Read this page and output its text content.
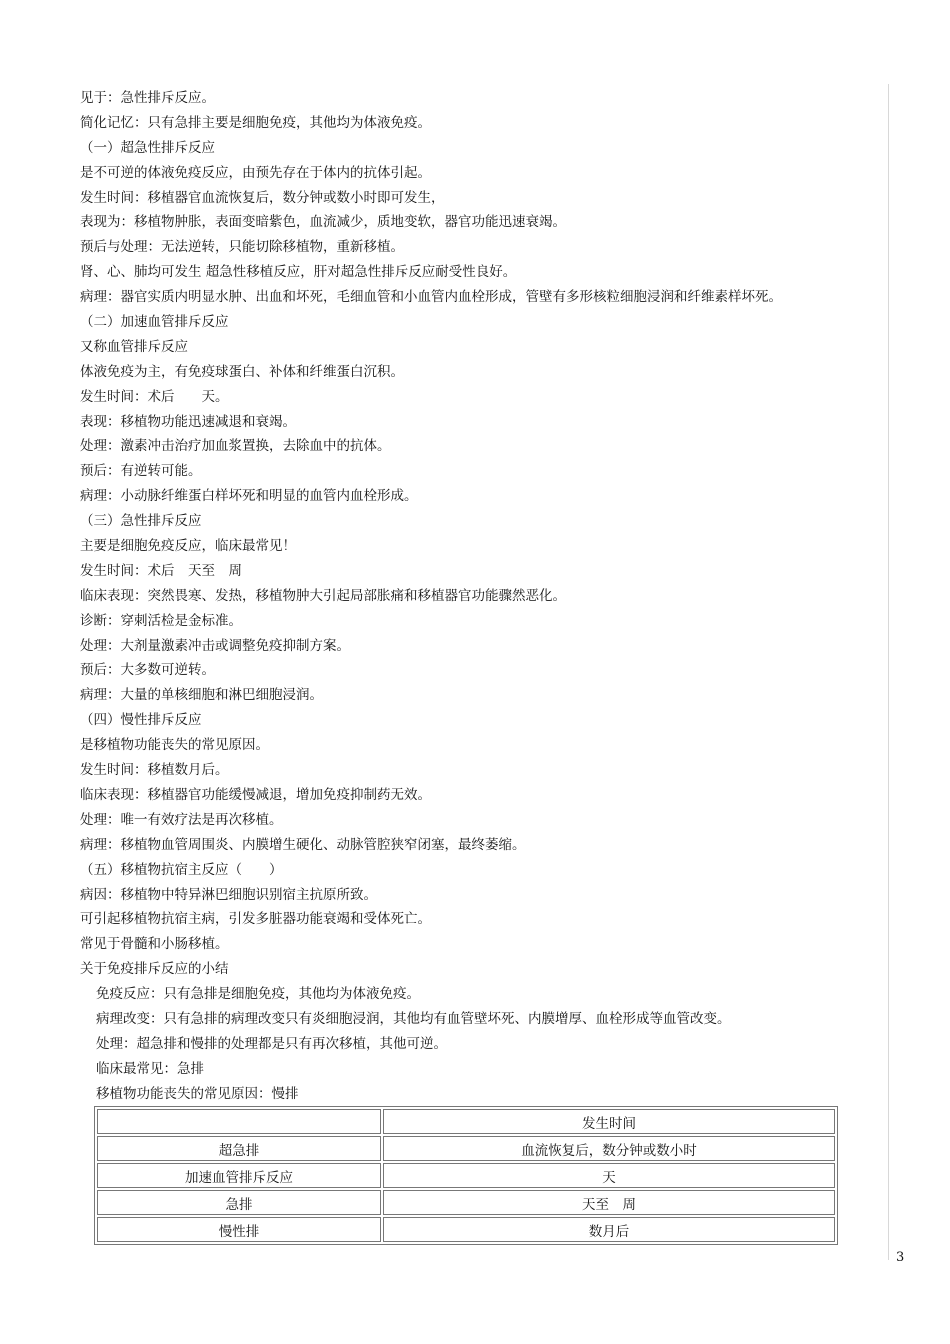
见于：急性排斥反应。
简化记忆：只有急排主要是细胞免疫，其他均为体液免疫。
（一）超急性排斥反应
是不可逆的体液免疫反应，由预先存在于体内的抗体引起。
发生时间：移植器官血流恢复后，数分钟或数小时即可发生，
表现为：移植物肿胀，表面变暗紫色，血流减少，质地变软，器官功能迅速衰竭。
预后与处理：无法逆转，只能切除移植物，重新移植。
肾、心、肺均可发生 超急性移植反应，肝对超急性排斥反应耐受性良好。
病理：器官实质内明显水肿、出血和坏死，毛细血管和小血管内血栓形成，管壁有多形核粒细胞浸润和纤维素样坏死。
（二）加速血管排斥反应
又称血管排斥反应
体液免疫为主，有免疫球蛋白、补体和纤维蛋白沉积。
发生时间：术后　　天。
表现：移植物功能迅速减退和衰竭。
处理：激素冲击治疗加血浆置换，去除血中的抗体。
预后：有逆转可能。
病理：小动脉纤维蛋白样坏死和明显的血管内血栓形成。
（三）急性排斥反应
主要是细胞免疫反应，临床最常见！
发生时间：术后　天至　周
临床表现：突然畏寒、发热，移植物肿大引起局部胀痛和移植器官功能骤然恶化。
诊断：穿刺活检是金标准。
处理：大剂量激素冲击或调整免疫抑制方案。
预后：大多数可逆转。
病理：大量的单核细胞和淋巴细胞浸润。
（四）慢性排斥反应
是移植物功能丧失的常见原因。
发生时间：移植数月后。
临床表现：移植器官功能缓慢减退，增加免疫抑制药无效。
处理：唯一有效疗法是再次移植。
病理：移植物血管周围炎、内膜增生硬化、动脉管腔狭窄闭塞，最终萎缩。
（五）移植物抗宿主反应（　　）
病因：移植物中特异淋巴细胞识别宿主抗原所致。
可引起移植物抗宿主病，引发多脏器功能衰竭和受体死亡。
常见于骨髓和小肠移植。
关于免疫排斥反应的小结
免疫反应：只有急排是细胞免疫，其他均为体液免疫。
病理改变：只有急排的病理改变只有炎细胞浸润，其他均有血管壁坏死、内膜增厚、血栓形成等血管改变。
处理：超急排和慢排的处理都是只有再次移植，其他可逆。
临床最常见：急排
移植物功能丧失的常见原因：慢排
	发生时间
超急排	血流恢复后，数分钟或数小时
加速血管排斥反应	天
急排	天至　周
慢性排	数月后
3
